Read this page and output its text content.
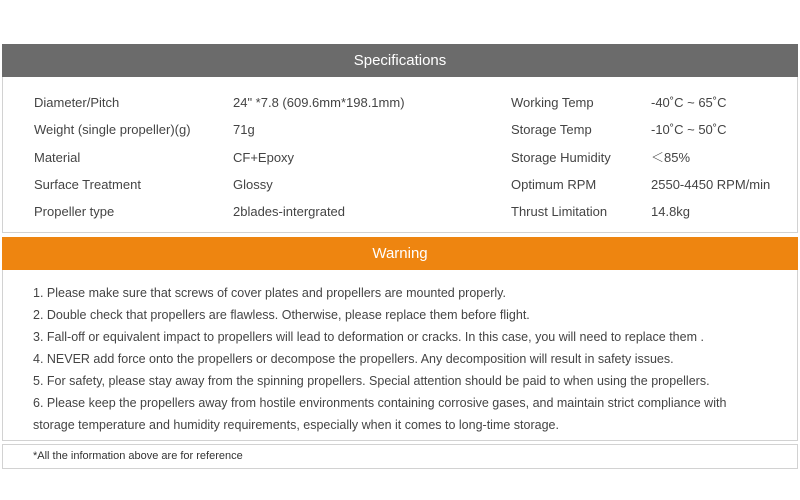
Specifications
Diameter/Pitch	24" *7.8 (609.6mm*198.1mm)	Working Temp	-40˚C ~ 65˚C
Weight (single propeller)(g)	71g	Storage Temp	-10˚C ~ 50˚C
Material	CF+Epoxy	Storage Humidity	＜85%
Surface Treatment	Glossy	Optimum RPM	2550-4450 RPM/min
Propeller type	2blades-intergrated	Thrust Limitation	14.8kg
Warning
1. Please make sure that screws of cover plates and propellers are mounted properly.
2. Double check that propellers are flawless. Otherwise, please replace them before flight.
3. Fall-off or equivalent impact to propellers will lead to deformation or cracks. In this case, you will need to replace them .
4. NEVER add force onto the propellers or decompose the propellers. Any decomposition will result in safety issues.
5. For safety, please stay away from the spinning propellers. Special attention should be paid to when using the propellers.
6. Please keep the propellers away from hostile environments containing corrosive gases, and maintain strict compliance with
storage temperature and humidity requirements, especially when it comes to long-time storage.
*All the information above are for reference
